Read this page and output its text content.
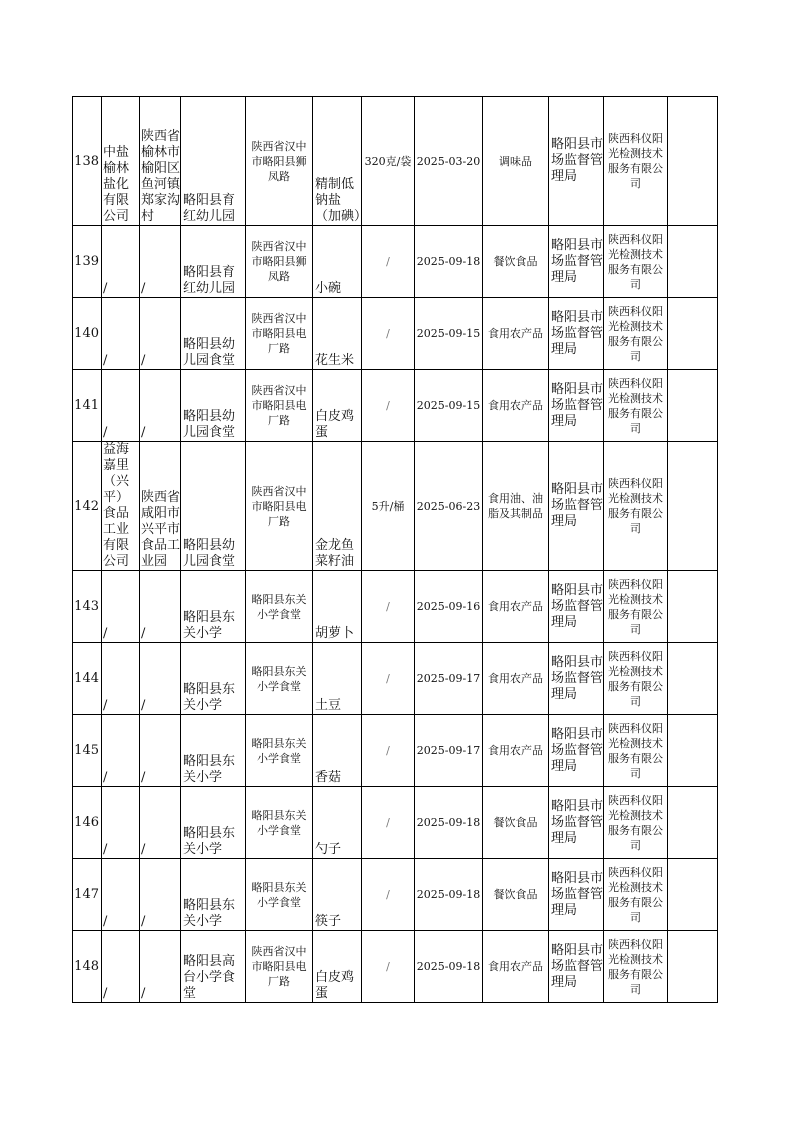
138	中盐榆林盐化有限公司	陕西省榆林市榆阳区鱼河镇郑家沟村	略阳县育红幼儿园	陕西省汉中市略阳县狮凤路	精制低钠盐（加碘）	320克/袋	2025-03-20	调味品	略阳县市场监督管理局	陕西科仪阳光检测技术服务有限公司	
139	/	/	略阳县育红幼儿园	陕西省汉中市略阳县狮凤路	小碗	/	2025-09-18	餐饮食品	略阳县市场监督管理局	陕西科仪阳光检测技术服务有限公司	
140	/	/	略阳县幼儿园食堂	陕西省汉中市略阳县电厂路	花生米	/	2025-09-15	食用农产品	略阳县市场监督管理局	陕西科仪阳光检测技术服务有限公司	
141	/	/	略阳县幼儿园食堂	陕西省汉中市略阳县电厂路	白皮鸡蛋	/	2025-09-15	食用农产品	略阳县市场监督管理局	陕西科仪阳光检测技术服务有限公司	
142	益海嘉里（兴平）食品工业有限公司	陕西省咸阳市兴平市食品工业园	略阳县幼儿园食堂	陕西省汉中市略阳县电厂路	金龙鱼菜籽油	5升/桶	2025-06-23	食用油、油脂及其制品	略阳县市场监督管理局	陕西科仪阳光检测技术服务有限公司	
143	/	/	略阳县东关小学	略阳县东关小学食堂	胡萝卜	/	2025-09-16	食用农产品	略阳县市场监督管理局	陕西科仪阳光检测技术服务有限公司	
144	/	/	略阳县东关小学	略阳县东关小学食堂	土豆	/	2025-09-17	食用农产品	略阳县市场监督管理局	陕西科仪阳光检测技术服务有限公司	
145	/	/	略阳县东关小学	略阳县东关小学食堂	香菇	/	2025-09-17	食用农产品	略阳县市场监督管理局	陕西科仪阳光检测技术服务有限公司	
146	/	/	略阳县东关小学	略阳县东关小学食堂	勺子	/	2025-09-18	餐饮食品	略阳县市场监督管理局	陕西科仪阳光检测技术服务有限公司	
147	/	/	略阳县东关小学	略阳县东关小学食堂	筷子	/	2025-09-18	餐饮食品	略阳县市场监督管理局	陕西科仪阳光检测技术服务有限公司	
148	/	/	略阳县高台小学食堂	陕西省汉中市略阳县电厂路	白皮鸡蛋	/	2025-09-18	食用农产品	略阳县市场监督管理局	陕西科仪阳光检测技术服务有限公司	
